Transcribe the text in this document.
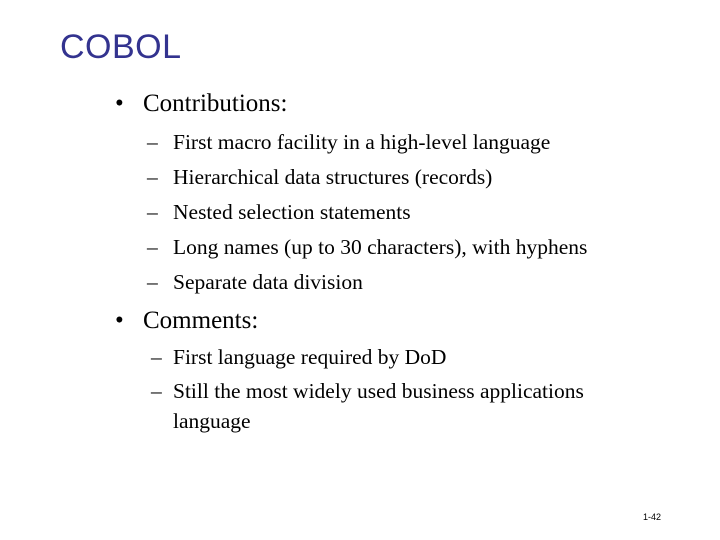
COBOL
• Contributions:
– First macro facility in a high-level language
– Hierarchical data structures (records)
– Nested selection statements
– Long names (up to 30 characters), with hyphens
– Separate data division
• Comments:
– First language required by DoD
– Still the most widely used business applications
language
1-42
